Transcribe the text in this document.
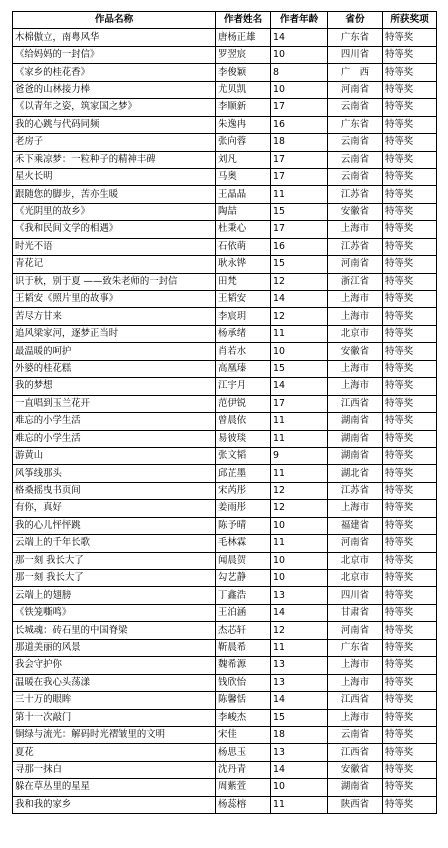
作品名称	作者姓名	作者年龄	省份	所获奖项
木棉傲立，南粤风华	唐杨正雄	14	广东省	特等奖
《给妈妈的一封信》	罗翌宸	10	四川省	特等奖
《家乡的桂花香》	李俊颖	8	广　西	特等奖
爸爸的山林接力棒	尤贝凯	10	河南省	特等奖
《以青年之姿，筑家国之梦》	李顺新	17	云南省	特等奖
我的心跳与代码同频	朱逸冉	16	广东省	特等奖
老房子	张向蓉	18	云南省	特等奖
禾下乘凉梦：一粒种子的精神丰碑	刘凡	17	云南省	特等奖
星火长明	马奥	17	云南省	特等奖
跟随您的脚步，苦亦生暖	王晶晶	11	江苏省	特等奖
《光阴里的故乡》	陶喆	15	安徽省	特等奖
《我和民间文学的相遇》	杜秉心	17	上海市	特等奖
时光不语	石依萌	16	江苏省	特等奖
青花记	耿永铧	15	河南省	特等奖
识于秋，别于夏 ——致朱老师的一封信	田梵	12	浙江省	特等奖
王韬安《照片里的故事》	王韬安	14	上海市	特等奖
苦尽方甘来	李宸玥	12	上海市	特等奖
追风梁家河，逐梦正当时	杨承绪	11	北京市	特等奖
最温暖的呵护	肖若水	10	安徽省	特等奖
外婆的桂花糕	高凰瑧	15	上海市	特等奖
我的梦想	江宇月	14	上海市	特等奖
一直唱到玉兰花开	范伊锐	17	江西省	特等奖
难忘的小学生活	曾晨依	11	湖南省	特等奖
难忘的小学生活	易彼琰	11	湖南省	特等奖
游黄山	张文韬	9	湖南省	特等奖
风筝线那头	邱芷墨	11	湖北省	特等奖
格桑摇曳书页间	宋芮彤	12	江苏省	特等奖
有你，真好	姜雨彤	12	上海市	特等奖
我的心儿怦怦跳	陈予晴	10	福建省	特等奖
云端上的千年长歌	毛林霖	11	河南省	特等奖
那一刻 我长大了	闻晨贺	10	北京市	特等奖
那一刻 我长大了	勾艺静	10	北京市	特等奖
云端上的翅膀	丁鑫浩	13	四川省	特等奖
《铁笼嘶鸣》	王泊涵	14	甘肃省	特等奖
长城魂：砖石里的中国脊梁	杰芯轩	12	河南省	特等奖
那道美丽的风景	靳晨希	11	广东省	特等奖
我会守护你	魏希源	13	上海市	特等奖
温暖在我心头荡漾	钱欣怡	13	上海市	特等奖
三十万的眼眸	陈馨恬	14	江西省	特等奖
第十一次敲门	李峻杰	15	上海市	特等奖
铜绿与流光：解码时光褶皱里的文明	宋佳	18	云南省	特等奖
夏花	杨思玉	13	江西省	特等奖
寻那一抹白	沈丹青	14	安徽省	特等奖
躲在草丛里的星星	周紫萱	10	湖南省	特等奖
我和我的家乡	杨蕊榕	11	陕西省	特等奖
